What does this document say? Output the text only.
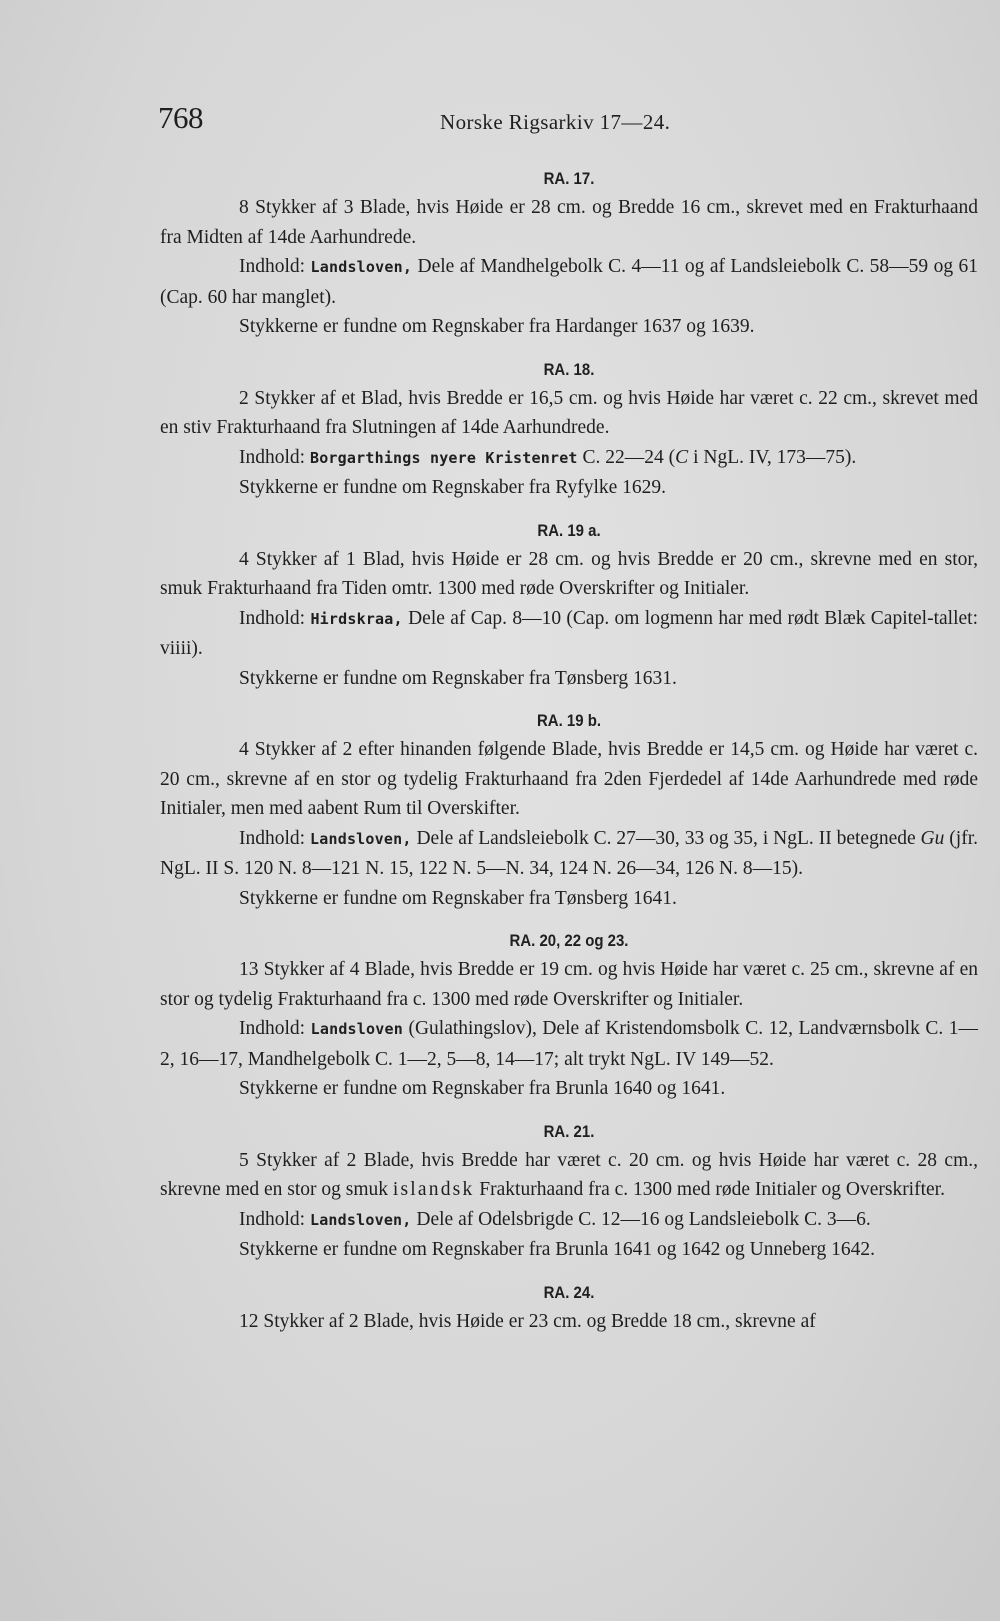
768	Norske Rigsarkiv 17—24.
RA. 17.

8 Stykker af 3 Blade, hvis Høide er 28 cm. og Bredde 16 cm., skrevet med en Frakturhaand fra Midten af 14de Aarhundrede.

Indhold: Landsloven, Dele af Mandhelgebolk C. 4—11 og af Landsleiebolk C. 58—59 og 61 (Cap. 60 har manglet).

Stykkerne er fundne om Regnskaber fra Hardanger 1637 og 1639.

RA. 18.

2 Stykker af et Blad, hvis Bredde er 16,5 cm. og hvis Høide har været c. 22 cm., skrevet med en stiv Frakturhaand fra Slutningen af 14de Aarhundrede.

Indhold: Borgarthings nyere Kristenret C. 22—24 (C i NgL. IV, 173—75).

Stykkerne er fundne om Regnskaber fra Ryfylke 1629.

RA. 19 a.

4 Stykker af 1 Blad, hvis Høide er 28 cm. og hvis Bredde er 20 cm., skrevne med en stor, smuk Frakturhaand fra Tiden omtr. 1300 med røde Overskrifter og Initialer.

Indhold: Hirdskraa, Dele af Cap. 8—10 (Cap. om logmenn har med rødt Blæk Capitel-tallet: viiii).

Stykkerne er fundne om Regnskaber fra Tønsberg 1631.

RA. 19 b.

4 Stykker af 2 efter hinanden følgende Blade, hvis Bredde er 14,5 cm. og Høide har været c. 20 cm., skrevne af en stor og tydelig Frakturhaand fra 2den Fjerdedel af 14de Aarhundrede med røde Initialer, men med aabent Rum til Overskifter.

Indhold: Landsloven, Dele af Landsleiebolk C. 27—30, 33 og 35, i NgL. II betegnede Gu (jfr. NgL. II S. 120 N. 8—121 N. 15, 122 N. 5—N. 34, 124 N. 26—34, 126 N. 8—15).

Stykkerne er fundne om Regnskaber fra Tønsberg 1641.

RA. 20, 22 og 23.

13 Stykker af 4 Blade, hvis Bredde er 19 cm. og hvis Høide har været c. 25 cm., skrevne af en stor og tydelig Frakturhaand fra c. 1300 med røde Overskrifter og Initialer.

Indhold: Landsloven (Gulathingslov), Dele af Kristendomsbolk C. 12, Landværnsbolk C. 1—2, 16—17, Mandhelgebolk C. 1—2, 5—8, 14—17; alt trykt NgL. IV 149—52.

Stykkerne er fundne om Regnskaber fra Brunla 1640 og 1641.

RA. 21.

5 Stykker af 2 Blade, hvis Bredde har været c. 20 cm. og hvis Høide har været c. 28 cm., skrevne med en stor og smuk islandsk Frakturhaand fra c. 1300 med røde Initialer og Overskrifter.

Indhold: Landsloven, Dele af Odelsbrigde C. 12—16 og Landsleiebolk C. 3—6.

Stykkerne er fundne om Regnskaber fra Brunla 1641 og 1642 og Unneberg 1642.

RA. 24.

12 Stykker af 2 Blade, hvis Høide er 23 cm. og Bredde 18 cm., skrevne af
